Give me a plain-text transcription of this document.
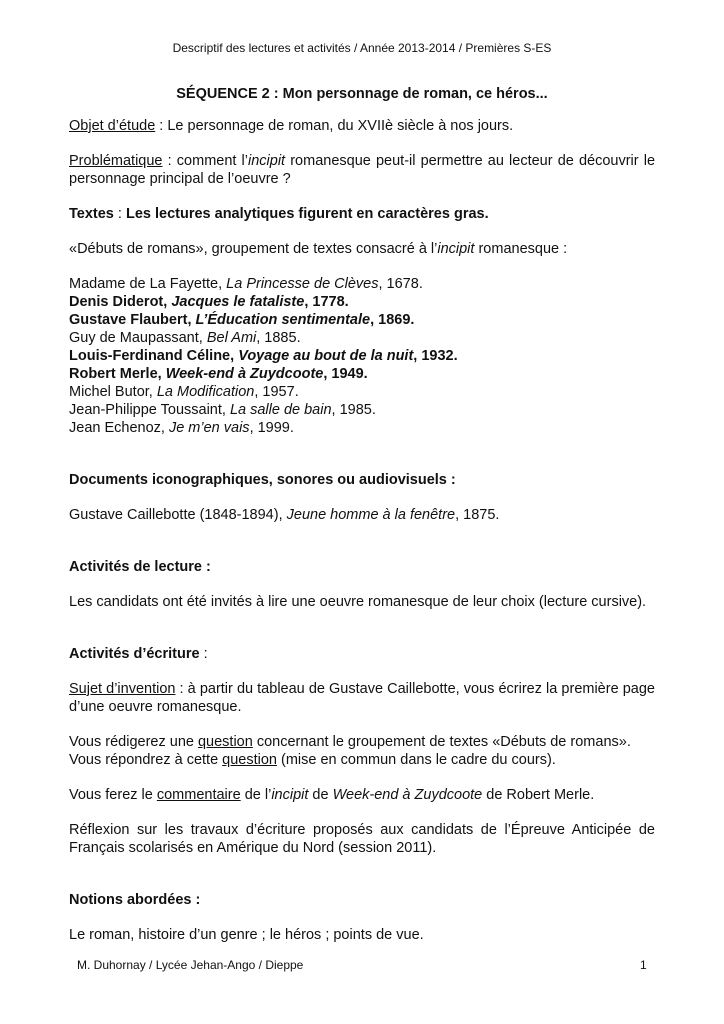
Descriptif des lectures et activités / Année 2013-2014 / Premières S-ES
SÉQUENCE 2 : Mon personnage de roman, ce héros...

Objet d’étude : Le personnage de roman, du XVIIè siècle à nos jours.

Problématique : comment l’incipit romanesque peut-il permettre au lecteur de découvrir le personnage principal de l’oeuvre ?

Textes : Les lectures analytiques figurent en caractères gras.

«Débuts de romans», groupement de textes consacré à l’incipit romanesque :

Madame de La Fayette, La Princesse de Clèves, 1678.
Denis Diderot, Jacques le fataliste, 1778.
Gustave Flaubert, L’Éducation sentimentale, 1869.
Guy de Maupassant, Bel Ami, 1885.
Louis-Ferdinand Céline, Voyage au bout de la nuit, 1932.
Robert Merle, Week-end à Zuydcoote, 1949.
Michel Butor, La Modification, 1957.
Jean-Philippe Toussaint, La salle de bain, 1985.
Jean Echenoz, Je m’en vais, 1999.

Documents iconographiques, sonores ou audiovisuels :

Gustave Caillebotte (1848-1894), Jeune homme à la fenêtre, 1875.

Activités de lecture :

Les candidats ont été invités à lire une oeuvre romanesque de leur choix (lecture cursive).

Activités d’écriture :

Sujet d’invention : à partir du tableau de Gustave Caillebotte, vous écrirez la première page d’une oeuvre romanesque.

Vous rédigerez une question concernant le groupement de textes «Débuts de romans».
Vous répondrez à cette question (mise en commun dans le cadre du cours).

Vous ferez le commentaire de l’incipit de Week-end à Zuydcoote de Robert Merle.

Réflexion sur les travaux d’écriture proposés aux candidats de l’Épreuve Anticipée de Français scolarisés en Amérique du Nord (session 2011).

Notions abordées :

Le roman, histoire d’un genre ; le héros ; points de vue.

M. Duhornay / Lycée Jehan-Ango / Dieppe	1
